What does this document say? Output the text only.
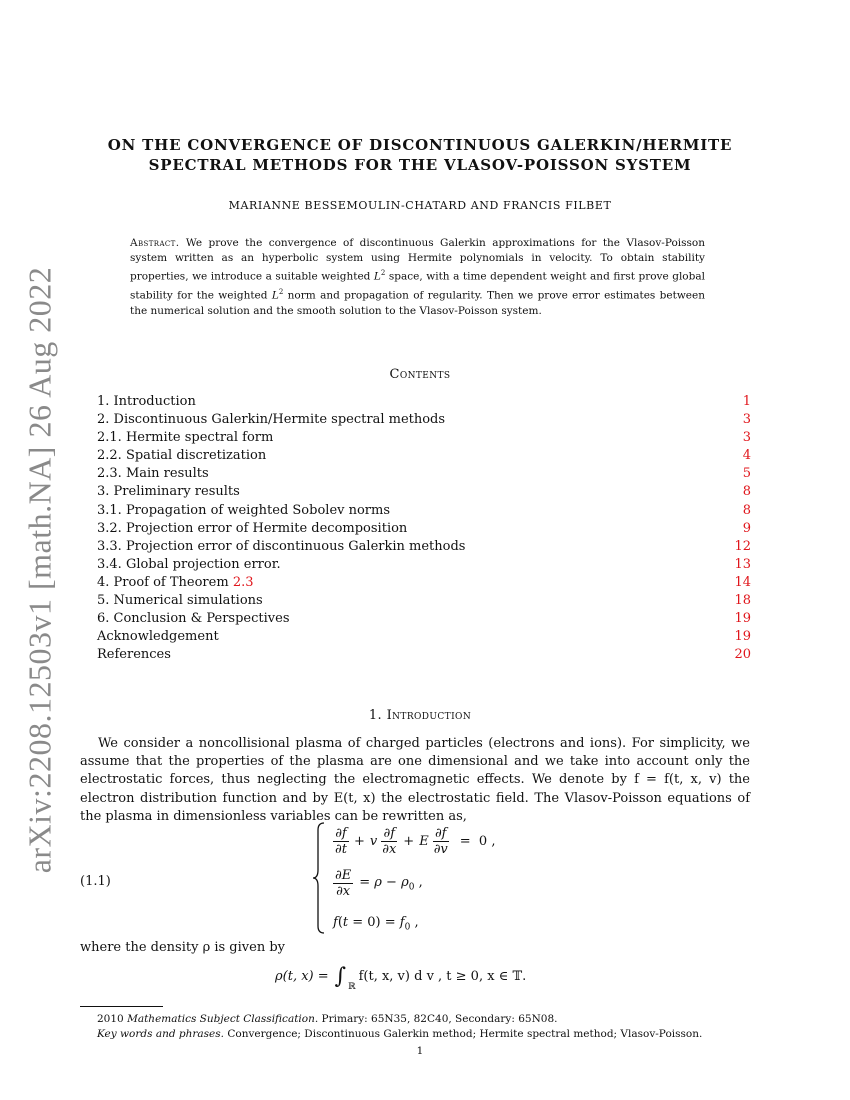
arXiv:2208.12503v1 [math.NA] 26 Aug 2022
ON THE CONVERGENCE OF DISCONTINUOUS GALERKIN/HERMITE
SPECTRAL METHODS FOR THE VLASOV-POISSON SYSTEM
MARIANNE BESSEMOULIN-CHATARD AND FRANCIS FILBET
Abstract. We prove the convergence of discontinuous Galerkin approximations for the Vlasov-Poisson system written as an hyperbolic system using Hermite polynomials in velocity. To obtain stability properties, we introduce a suitable weighted $L^2$ space, with a time dependent weight and first prove global stability for the weighted $L^2$ norm and propagation of regularity. Then we prove error estimates between the numerical solution and the smooth solution to the Vlasov-Poisson system.
Contents
1. Introduction	1
2. Discontinuous Galerkin/Hermite spectral methods	3
2.1. Hermite spectral form	3
2.2. Spatial discretization	4
2.3. Main results	5
3. Preliminary results	8
3.1. Propagation of weighted Sobolev norms	8
3.2. Projection error of Hermite decomposition	9
3.3. Projection error of discontinuous Galerkin methods	12
3.4. Global projection error.	13
4. Proof of Theorem 2.3	14
5. Numerical simulations	18
6. Conclusion & Perspectives	19
Acknowledgement	19
References	20
1. Introduction
We consider a noncollisional plasma of charged particles (electrons and ions). For simplicity, we assume that the properties of the plasma are one dimensional and we take into account only the electrostatic forces, thus neglecting the electromagnetic effects. We denote by f = f(t, x, v) the electron distribution function and by E(t, x) the electrostatic field. The Vlasov-Poisson equations of the plasma in dimensionless variables can be rewritten as,
(1.1)
$\frac{\partial f}{\partial t} + v \frac{\partial f}{\partial x} + E \frac{\partial f}{\partial v} = 0$ ,
$\frac{\partial E}{\partial x} = \rho - \rho_0$ ,
$f(t = 0) = f_0$ ,
where the density ρ is given by
ρ(t, $x) = \int_ℝ$
f(t, x, v) d v , t ≥ 0, x ∈ 𝕋.
2010 Mathematics Subject Classification. Primary: 65N35, 82C40, Secondary: 65N08.
Key words and phrases. Convergence; Discontinuous Galerkin method; Hermite spectral method; Vlasov-Poisson.
1
